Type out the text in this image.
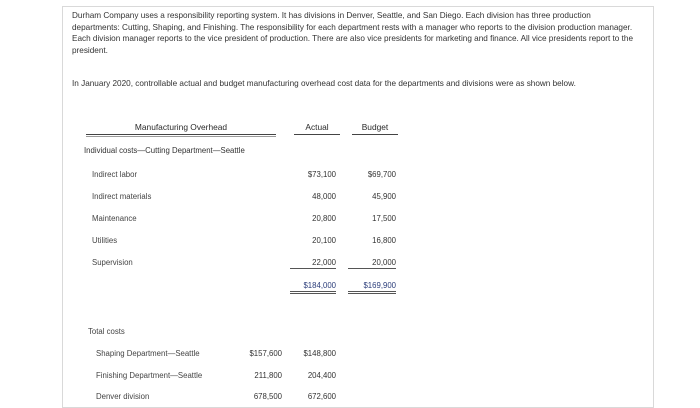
Durham Company uses a responsibility reporting system. It has divisions in Denver, Seattle, and San Diego. Each division has three production departments: Cutting, Shaping, and Finishing. The responsibility for each department rests with a manager who reports to the division production manager. Each division manager reports to the vice president of production. There are also vice presidents for marketing and finance. All vice presidents report to the president.
In January 2020, controllable actual and budget manufacturing overhead cost data for the departments and divisions were as shown below.
Manufacturing Overhead	Actual	Budget
Individual costs—Cutting Department—Seattle
Indirect labor	$73,100	$69,700
Indirect materials	48,000	45,900
Maintenance	20,800	17,500
Utilities	20,100	16,800
Supervision	22,000	20,000
$184,000	$169,900
Total costs
Shaping Department—Seattle	$157,600	$148,800
Finishing Department—Seattle	211,800	204,400
Denver division	678,500	672,600
